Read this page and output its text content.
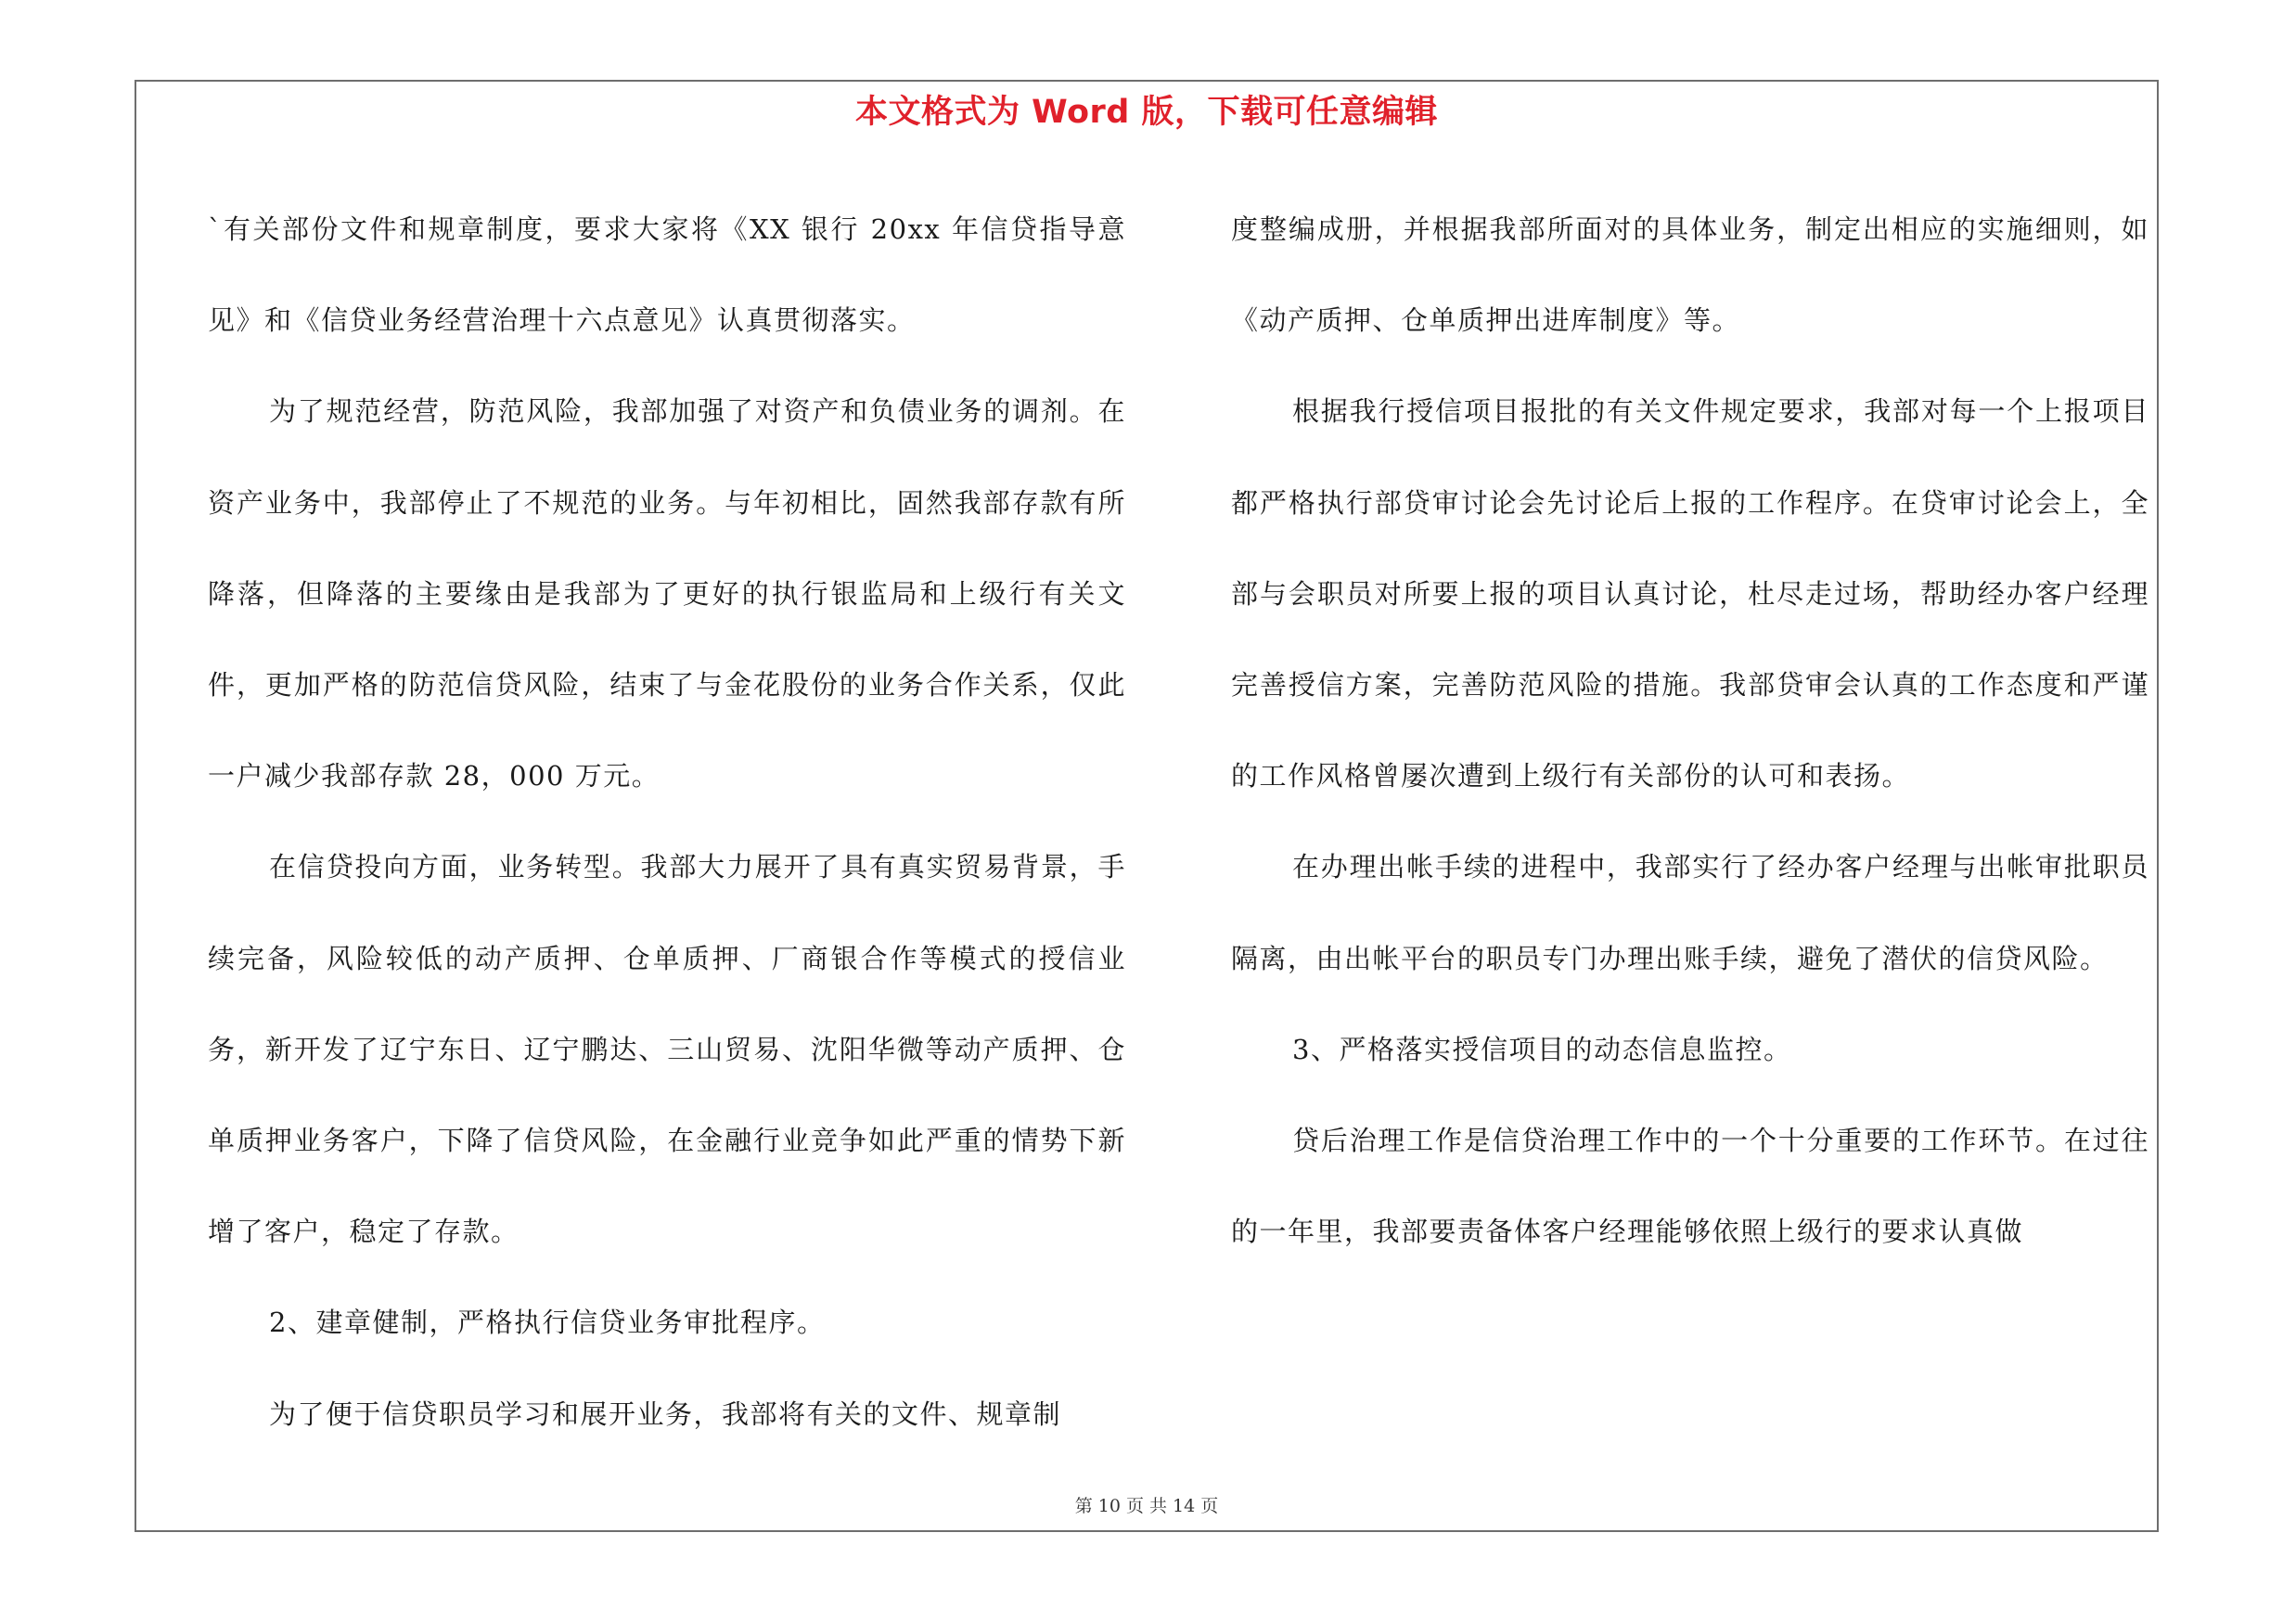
本文格式为 Word 版，下载可任意编辑

`有关部份文件和规章制度，要求大家将《XX 银行 20xx 年信贷指导意见》和《信贷业务经营治理十六点意见》认真贯彻落实。

为了规范经营，防范风险，我部加强了对资产和负债业务的调剂。在资产业务中，我部停止了不规范的业务。与年初相比，固然我部存款有所降落，但降落的主要缘由是我部为了更好的执行银监局和上级行有关文件，更加严格的防范信贷风险，结束了与金花股份的业务合作关系，仅此一户减少我部存款 28，000 万元。

在信贷投向方面，业务转型。我部大力展开了具有真实贸易背景，手续完备，风险较低的动产质押、仓单质押、厂商银合作等模式的授信业务，新开发了辽宁东日、辽宁鹏达、三山贸易、沈阳华微等动产质押、仓单质押业务客户，下降了信贷风险，在金融行业竞争如此严重的情势下新增了客户，稳定了存款。

2、建章健制，严格执行信贷业务审批程序。

为了便于信贷职员学习和展开业务，我部将有关的文件、规章制

度整编成册，并根据我部所面对的具体业务，制定出相应的实施细则，如《动产质押、仓单质押出进库制度》等。

根据我行授信项目报批的有关文件规定要求，我部对每一个上报项目都严格执行部贷审讨论会先讨论后上报的工作程序。在贷审讨论会上，全部与会职员对所要上报的项目认真讨论，杜尽走过场，帮助经办客户经理完善授信方案，完善防范风险的措施。我部贷审会认真的工作态度和严谨的工作风格曾屡次遭到上级行有关部份的认可和表扬。

在办理出帐手续的进程中，我部实行了经办客户经理与出帐审批职员隔离，由出帐平台的职员专门办理出账手续，避免了潜伏的信贷风险。

3、严格落实授信项目的动态信息监控。

贷后治理工作是信贷治理工作中的一个十分重要的工作环节。在过往的一年里，我部要责备体客户经理能够依照上级行的要求认真做

第 10 页 共 14 页
